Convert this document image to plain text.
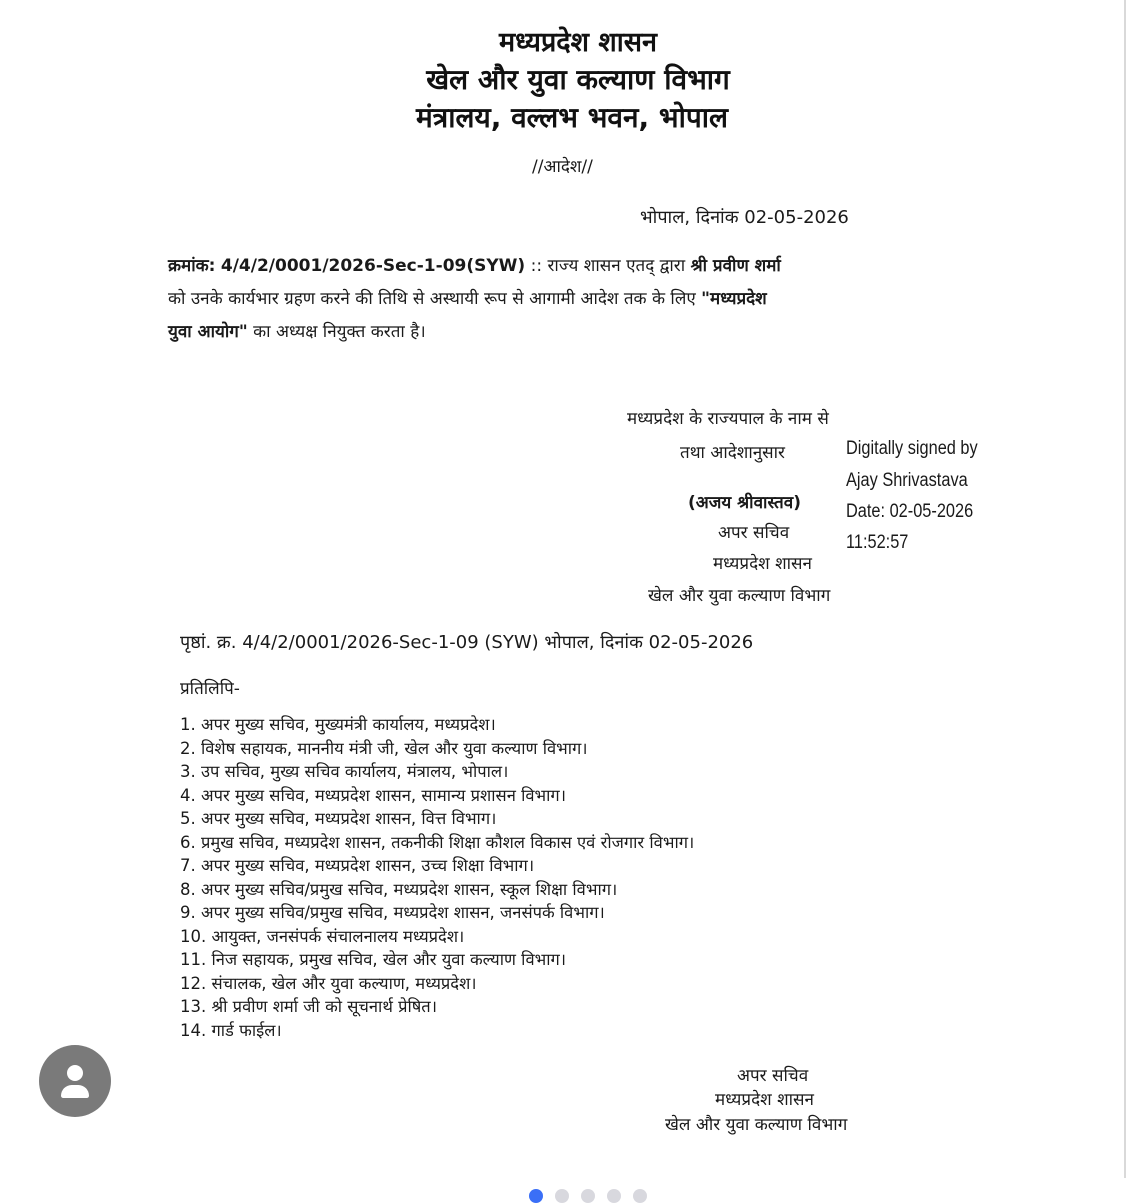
मध्यप्रदेश शासन
खेल और युवा कल्याण विभाग
मंत्रालय, वल्लभ भवन, भोपाल
//आदेश//
भोपाल, दिनांक 02-05-2026
क्रमांक: 4/4/2/0001/2026-Sec-1-09(SYW) :: राज्य शासन एतद् द्वारा श्री प्रवीण शर्मा
को उनके कार्यभार ग्रहण करने की तिथि से अस्थायी रूप से आगामी आदेश तक के लिए "मध्यप्रदेश
युवा आयोग" का अध्यक्ष नियुक्त करता है।
मध्यप्रदेश के राज्यपाल के नाम से
तथा आदेशानुसार
(अजय श्रीवास्तव)
अपर सचिव
मध्यप्रदेश शासन
खेल और युवा कल्याण विभाग
Digitally signed by
Ajay Shrivastava
Date: 02-05-2026
11:52:57
पृष्ठां. क्र. 4/4/2/0001/2026-Sec-1-09 (SYW) भोपाल, दिनांक 02-05-2026
प्रतिलिपि-
1. अपर मुख्य सचिव, मुख्यमंत्री कार्यालय, मध्यप्रदेश।
2. विशेष सहायक, माननीय मंत्री जी, खेल और युवा कल्याण विभाग।
3. उप सचिव, मुख्य सचिव कार्यालय, मंत्रालय, भोपाल।
4. अपर मुख्य सचिव, मध्यप्रदेश शासन, सामान्य प्रशासन विभाग।
5. अपर मुख्य सचिव, मध्यप्रदेश शासन, वित्त विभाग।
6. प्रमुख सचिव, मध्यप्रदेश शासन, तकनीकी शिक्षा कौशल विकास एवं रोजगार विभाग।
7. अपर मुख्य सचिव, मध्यप्रदेश शासन, उच्च शिक्षा विभाग।
8. अपर मुख्य सचिव/प्रमुख सचिव, मध्यप्रदेश शासन, स्कूल शिक्षा विभाग।
9. अपर मुख्य सचिव/प्रमुख सचिव, मध्यप्रदेश शासन, जनसंपर्क विभाग।
10. आयुक्त, जनसंपर्क संचालनालय मध्यप्रदेश।
11. निज सहायक, प्रमुख सचिव, खेल और युवा कल्याण विभाग।
12. संचालक, खेल और युवा कल्याण, मध्यप्रदेश।
13. श्री प्रवीण शर्मा जी को सूचनार्थ प्रेषित।
14. गार्ड फाईल।
अपर सचिव
मध्यप्रदेश शासन
खेल और युवा कल्याण विभाग
